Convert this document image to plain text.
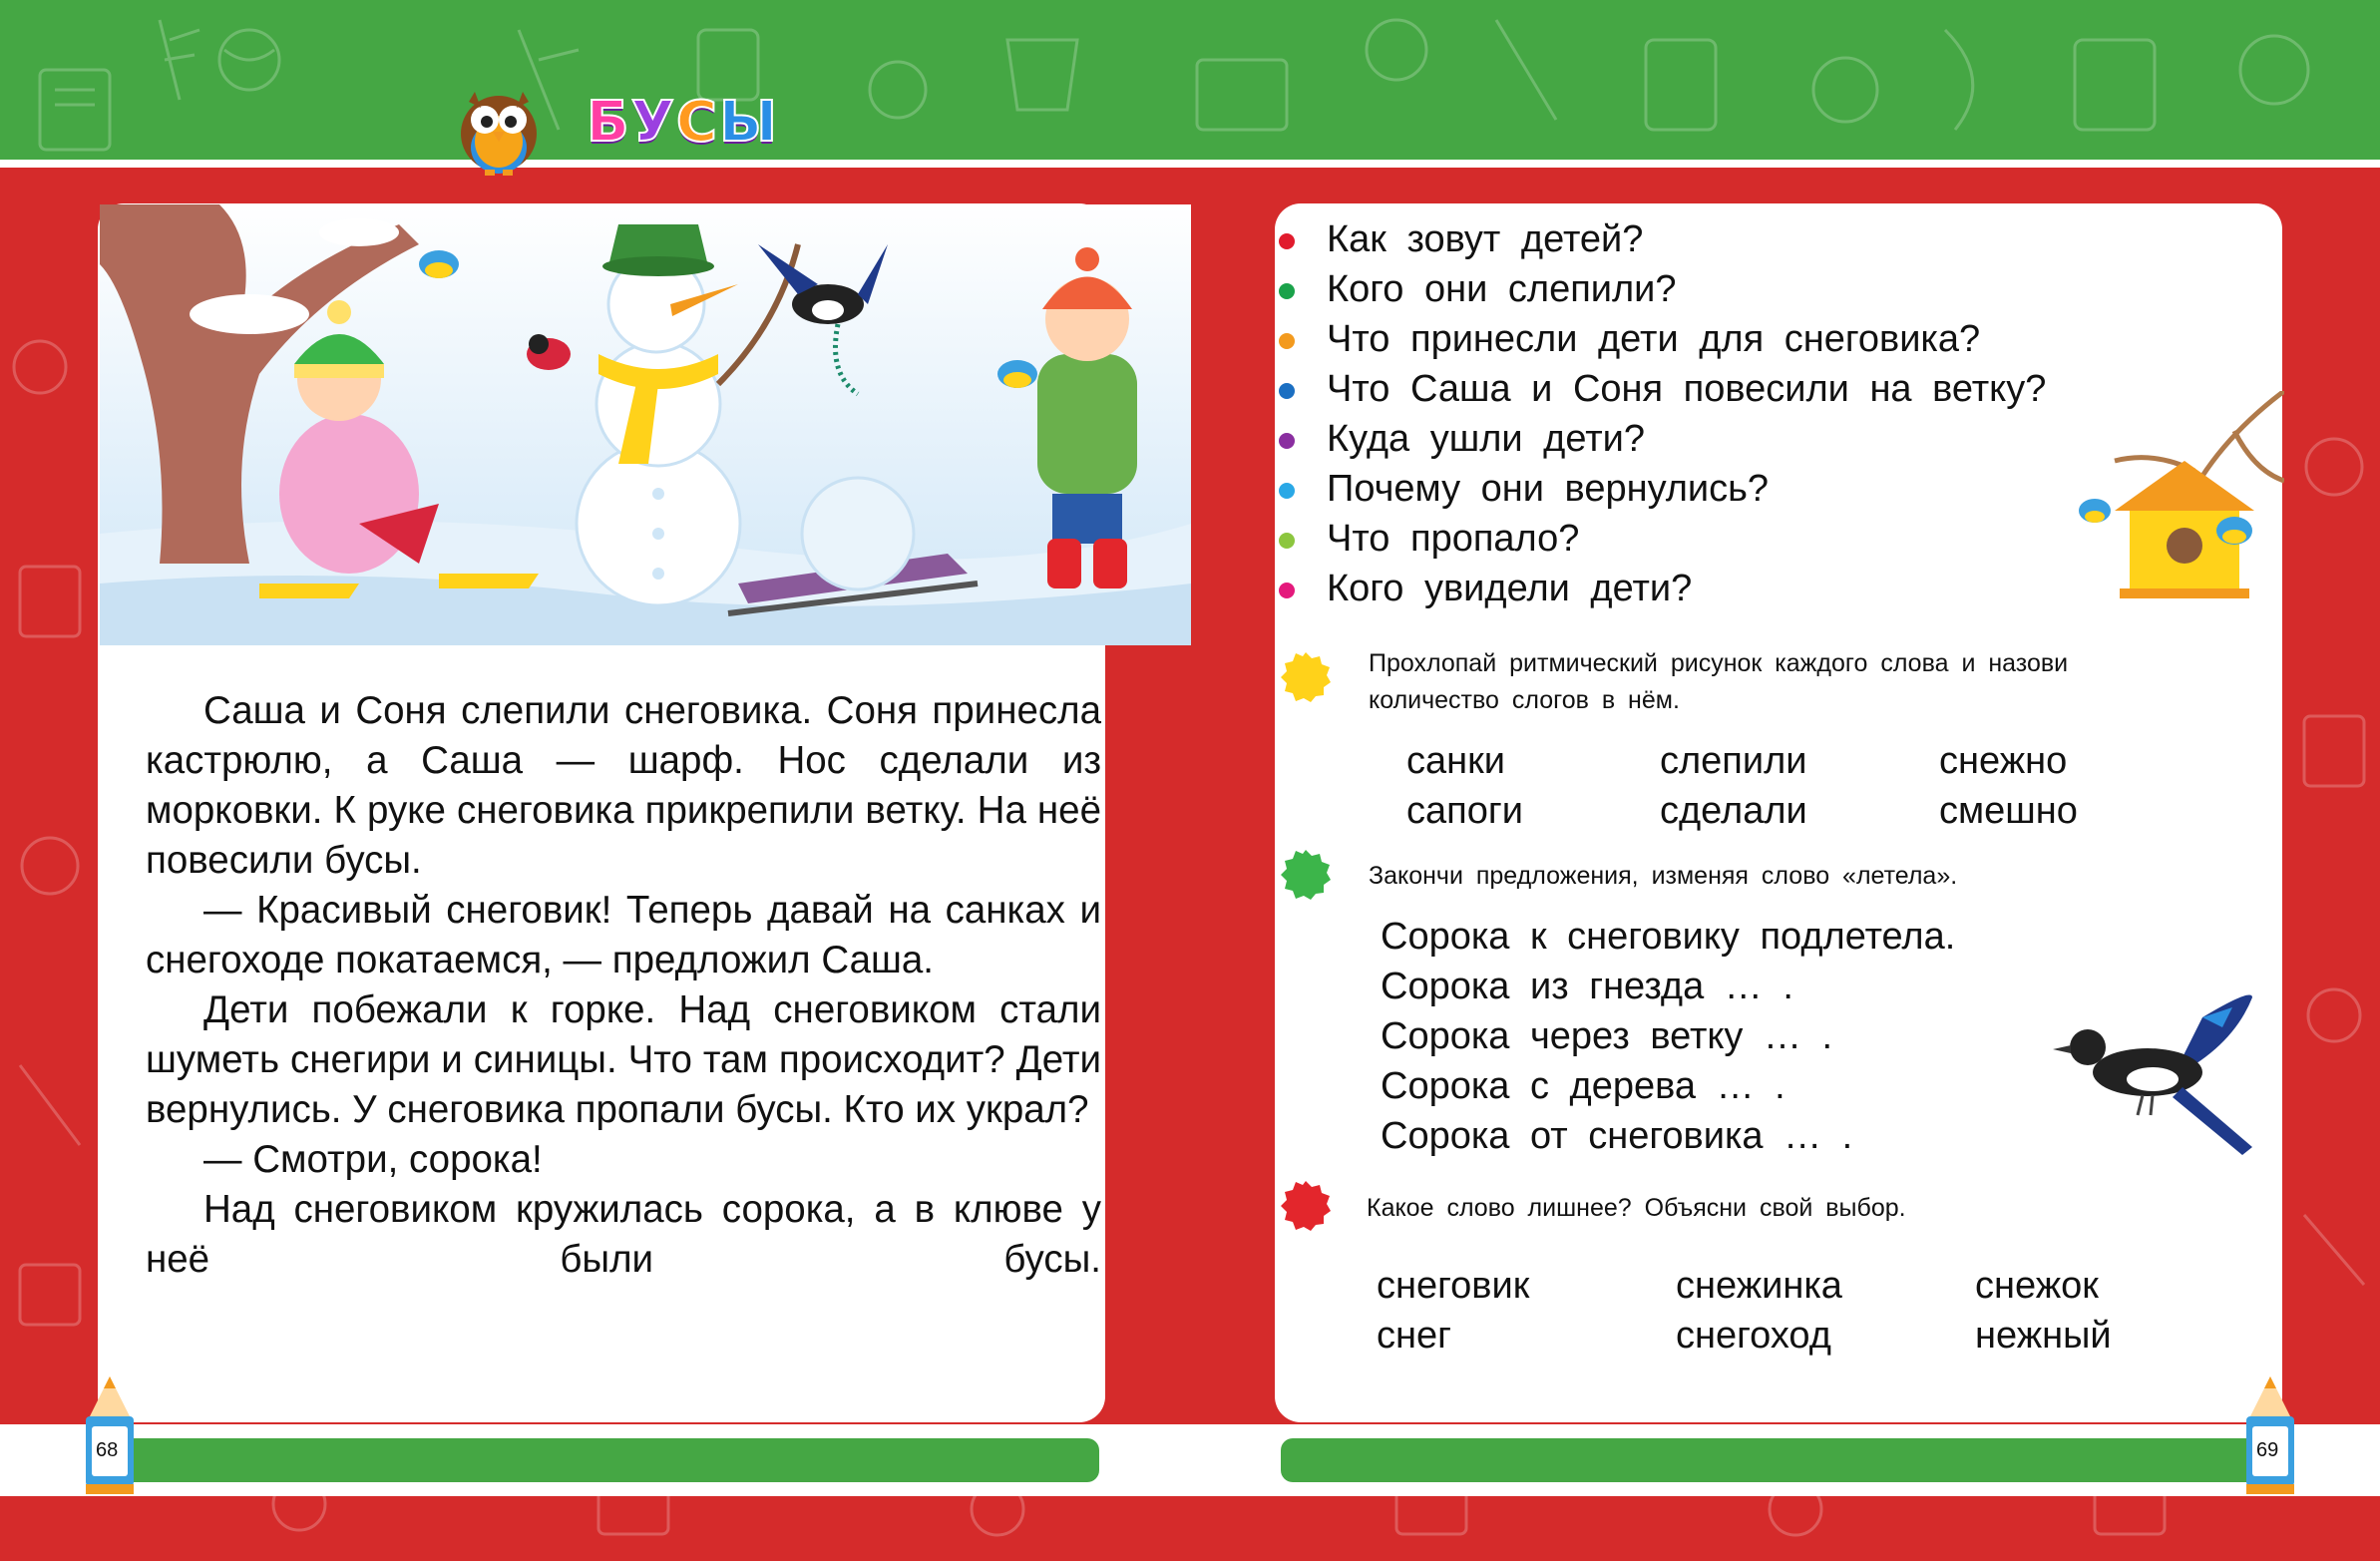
БУСЫ

Саша и Соня слепили снеговика. Соня принесла кастрюлю, а Саша — шарф. Нос сделали из морковки. К руке снеговика прикрепили ветку. На неё повесили бусы.

— Красивый снеговик! Теперь давай на санках и снегоходе покатаемся, — предложил Саша.

Дети побежали к горке. Над снеговиком стали шуметь снегири и синицы. Что там происходит? Дети вернулись. У снеговика пропали бусы. Кто их украл?

— Смотри, сорока!

Над снеговиком кружилась сорока, а в клюве у неё были бусы.

Как зовут детей?
Кого они слепили?
Что принесли дети для снеговика?
Что Саша и Соня повесили на ветку?
Куда ушли дети?
Почему они вернулись?
Что пропало?
Кого увидели дети?
Прохлопай ритмический рисунок каждого слова и назови
количество слогов в нём.
санки
сапоги
слепили
сделали
снежно
смешно
Закончи предложения, изменяя слово «летела».
Сорока к снеговику подлетела.
Сорока из гнезда … .
Сорока через ветку … .
Сорока с дерева … .
Сорока от снеговика … .
Какое слово лишнее? Объясни свой выбор.
снеговик
снег
снежинка
снегоход
снежок
нежный
68	69
